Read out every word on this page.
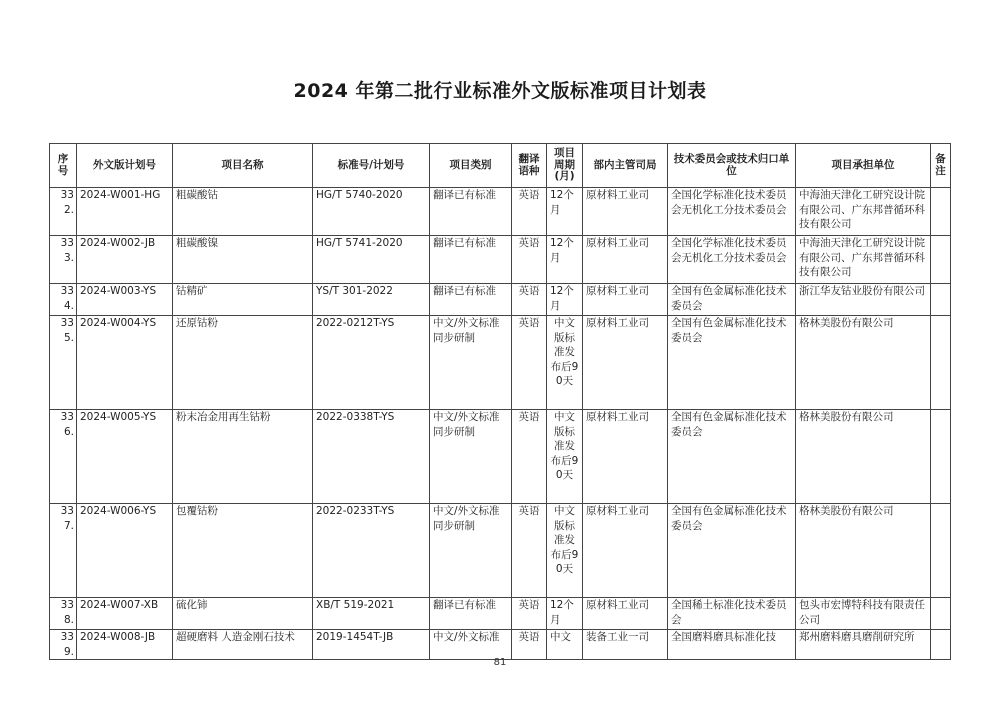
2024 年第二批行业标准外文版标准项目计划表
序号	外文版计划号	项目名称	标准号/计划号	项目类别	翻译语种	项目周期(月)	部内主管司局	技术委员会或技术归口单位	项目承担单位	备注
332.	2024-W001-HG	粗碳酸钴	HG/T 5740-2020	翻译已有标准	英语	12个月	原材料工业司	全国化学标准化技术委员会无机化工分技术委员会	中海油天津化工研究设计院有限公司、广东邦普循环科技有限公司	
333.	2024-W002-JB	粗碳酸镍	HG/T 5741-2020	翻译已有标准	英语	12个月	原材料工业司	全国化学标准化技术委员会无机化工分技术委员会	中海油天津化工研究设计院有限公司、广东邦普循环科技有限公司	
334.	2024-W003-YS	钴精矿	YS/T 301-2022	翻译已有标准	英语	12个月	原材料工业司	全国有色金属标准化技术委员会	浙江华友钴业股份有限公司	
335.	2024-W004-YS	还原钴粉	2022-0212T-YS	中文/外文标准同步研制	英语	中文版标准发布后90天	原材料工业司	全国有色金属标准化技术委员会	格林美股份有限公司	
336.	2024-W005-YS	粉末冶金用再生钴粉	2022-0338T-YS	中文/外文标准同步研制	英语	中文版标准发布后90天	原材料工业司	全国有色金属标准化技术委员会	格林美股份有限公司	
337.	2024-W006-YS	包覆钴粉	2022-0233T-YS	中文/外文标准同步研制	英语	中文版标准发布后90天	原材料工业司	全国有色金属标准化技术委员会	格林美股份有限公司	
338.	2024-W007-XB	硫化铈	XB/T 519-2021	翻译已有标准	英语	12个月	原材料工业司	全国稀土标准化技术委员会	包头市宏博特科技有限责任公司	
339.	2024-W008-JB	超硬磨料 人造金刚石技术	2019-1454T-JB	中文/外文标准	英语	中文	装备工业一司	全国磨料磨具标准化技	郑州磨料磨具磨削研究所	
81
